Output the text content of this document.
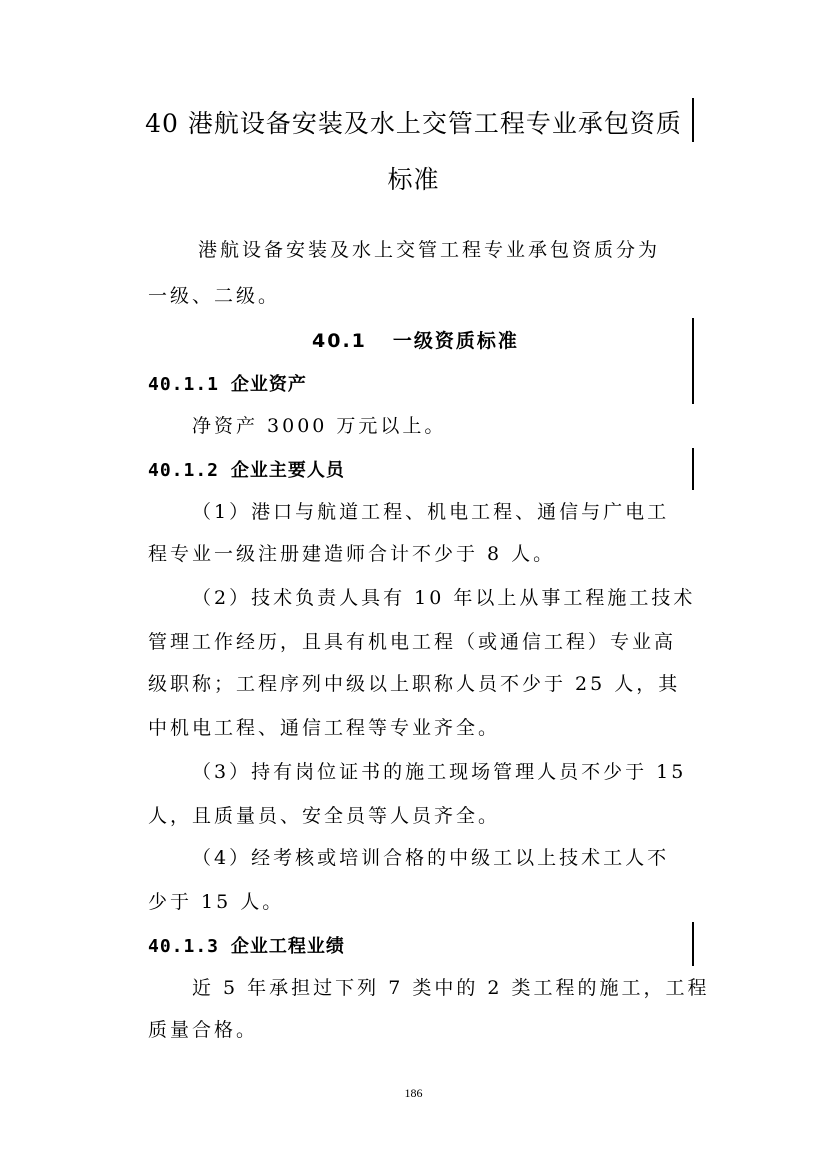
40 港航设备安装及水上交管工程专业承包资质
标准
港航设备安装及水上交管工程专业承包资质分为
一级、二级。
40.1 一级资质标准
40.1.1 企业资产
净资产 3000 万元以上。
40.1.2 企业主要人员
（1）港口与航道工程、机电工程、通信与广电工
程专业一级注册建造师合计不少于 8 人。
（2）技术负责人具有 10 年以上从事工程施工技术
管理工作经历，且具有机电工程（或通信工程）专业高
级职称；工程序列中级以上职称人员不少于 25 人，其
中机电工程、通信工程等专业齐全。
（3）持有岗位证书的施工现场管理人员不少于 15
人，且质量员、安全员等人员齐全。
（4）经考核或培训合格的中级工以上技术工人不
少于 15 人。
40.1.3 企业工程业绩
近 5 年承担过下列 7 类中的 2 类工程的施工，工程
质量合格。
186
